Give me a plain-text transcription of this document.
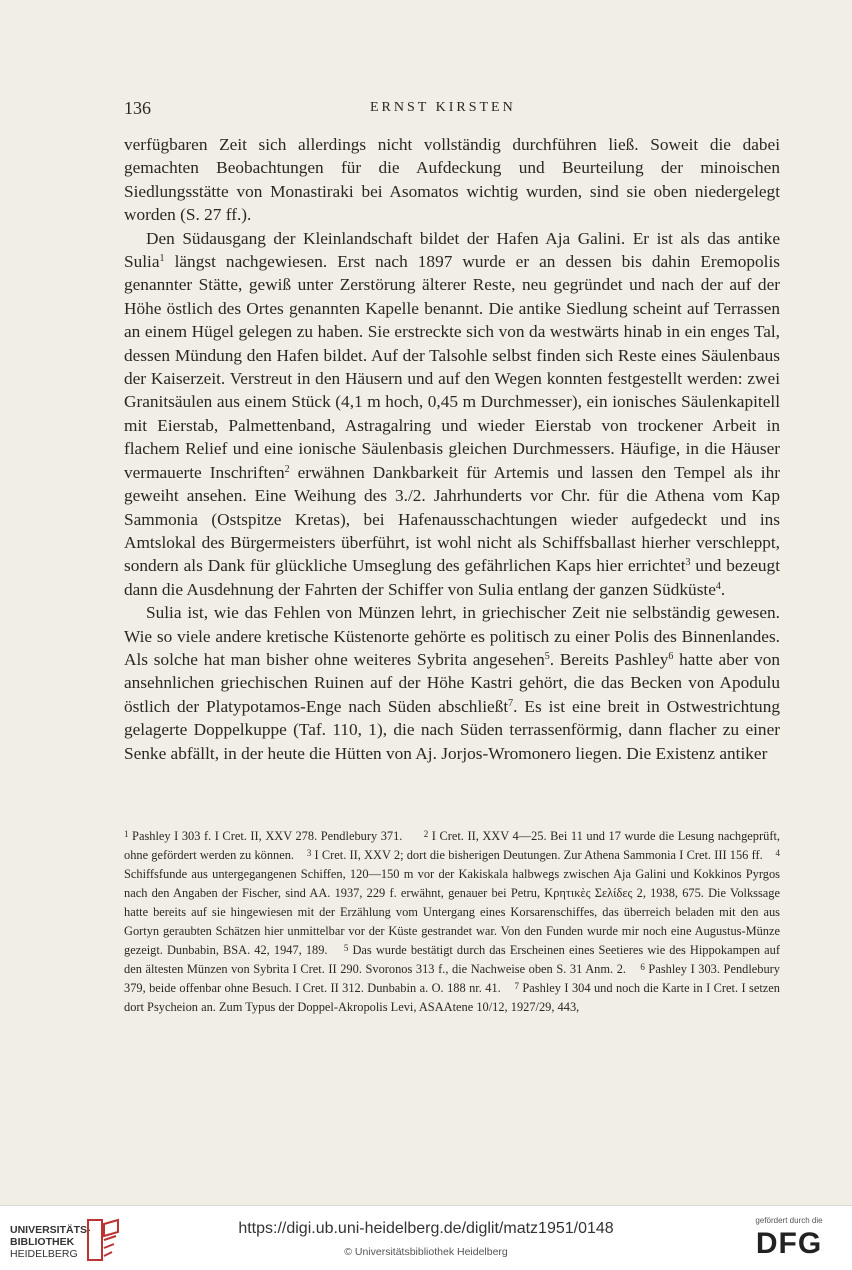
136	ERNST KIRSTEN

verfügbaren Zeit sich allerdings nicht vollständig durchführen ließ. Soweit die dabei gemachten Beobachtungen für die Aufdeckung und Beurteilung der minoischen Siedlungsstätte von Monastiraki bei Asomatos wichtig wurden, sind sie oben niedergelegt worden (S. 27 ff.).

Den Südausgang der Kleinlandschaft bildet der Hafen Aja Galini. Er ist als das antike Sulia$^1$ längst nachgewiesen. Erst nach 1897 wurde er an dessen bis dahin Eremopolis genannter Stätte, gewiß unter Zerstörung älterer Reste, neu gegründet und nach der auf der Höhe östlich des Ortes genannten Kapelle benannt. Die antike Siedlung scheint auf Terrassen an einem Hügel gelegen zu haben. Sie erstreckte sich von da westwärts hinab in ein enges Tal, dessen Mündung den Hafen bildet. Auf der Talsohle selbst finden sich Reste eines Säulenbaus der Kaiserzeit. Verstreut in den Häusern und auf den Wegen konnten festgestellt werden: zwei Granitsäulen aus einem Stück (4,1 m hoch, 0,45 m Durchmesser), ein ionisches Säulenkapitell mit Eierstab, Palmettenband, Astragalring und wieder Eierstab von trockener Arbeit in flachem Relief und eine ionische Säulenbasis gleichen Durchmessers. Häufige, in die Häuser vermauerte Inschriften$^2$ erwähnen Dankbarkeit für Artemis und lassen den Tempel als ihr geweiht ansehen. Eine Weihung des 3./2. Jahrhunderts vor Chr. für die Athena vom Kap Sammonia (Ostspitze Kretas), bei Hafenausschachtungen wieder aufgedeckt und ins Amtslokal des Bürgermeisters überführt, ist wohl nicht als Schiffsballast hierher verschleppt, sondern als Dank für glückliche Umseglung des gefährlichen Kaps hier errichtet$^3$ und bezeugt dann die Ausdehnung der Fahrten der Schiffer von Sulia entlang der ganzen Südküste$^4$.

Sulia ist, wie das Fehlen von Münzen lehrt, in griechischer Zeit nie selbständig gewesen. Wie so viele andere kretische Küstenorte gehörte es politisch zu einer Polis des Binnenlandes. Als solche hat man bisher ohne weiteres Sybrita angesehen$^5$. Bereits Pashley$^6$ hatte aber von ansehnlichen griechischen Ruinen auf der Höhe Kastri gehört, die das Becken von Apodulu östlich der Platypotamos-Enge nach Süden abschließt$^7$. Es ist eine breit in Ostwestrichtung gelagerte Doppelkuppe (Taf. 110, 1), die nach Süden terrassenförmig, dann flacher zu einer Senke abfällt, in der heute die Hütten von Aj. Jorjos-Wromonero liegen. Die Existenz antiker

$^1$ Pashley I 303 f. I Cret. II, XXV 278. Pendlebury 371. $^2$ I Cret. II, XXV 4—25. Bei 11 und 17 wurde die Lesung nachgeprüft, ohne gefördert werden zu können. $^3$ I Cret. II, XXV 2; dort die bisherigen Deutungen. Zur Athena Sammonia I Cret. III 156 ff. $^4$ Schiffsfunde aus untergegangenen Schiffen, 120—150 m vor der Kakiskala halbwegs zwischen Aja Galini und Kokkinos Pyrgos nach den Angaben der Fischer, sind AA. 1937, 229 f. erwähnt, genauer bei Petru, Κρητικὲς Σελίδες 2, 1938, 675. Die Volkssage hatte bereits auf sie hingewiesen mit der Erzählung vom Untergang eines Korsarenschiffes, das überreich beladen mit den aus Gortyn geraubten Schätzen hier unmittelbar vor der Küste gestrandet war. Von den Funden wurde mir noch eine Augustus-Münze gezeigt. Dunbabin, BSA. 42, 1947, 189. $^5$ Das wurde bestätigt durch das Erscheinen eines Seetieres wie des Hippokampen auf den ältesten Münzen von Sybrita I Cret. II 290. Svoronos 313 f., die Nachweise oben S. 31 Anm. 2. $^6$ Pashley I 303. Pendlebury 379, beide offenbar ohne Besuch. I Cret. II 312. Dunbabin a. O. 188 nr. 41. $^7$ Pashley I 304 und noch die Karte in I Cret. I setzen dort Psycheion an. Zum Typus der Doppel-Akropolis Levi, ASAAtene 10/12, 1927/29, 443,

UNIVERSITÄTS-
BIBLIOTHEK
HEIDELBERG
https://digi.ub.uni-heidelberg.de/diglit/matz1951/0148
© Universitätsbibliothek Heidelberg
gefördert durch die
DFG
